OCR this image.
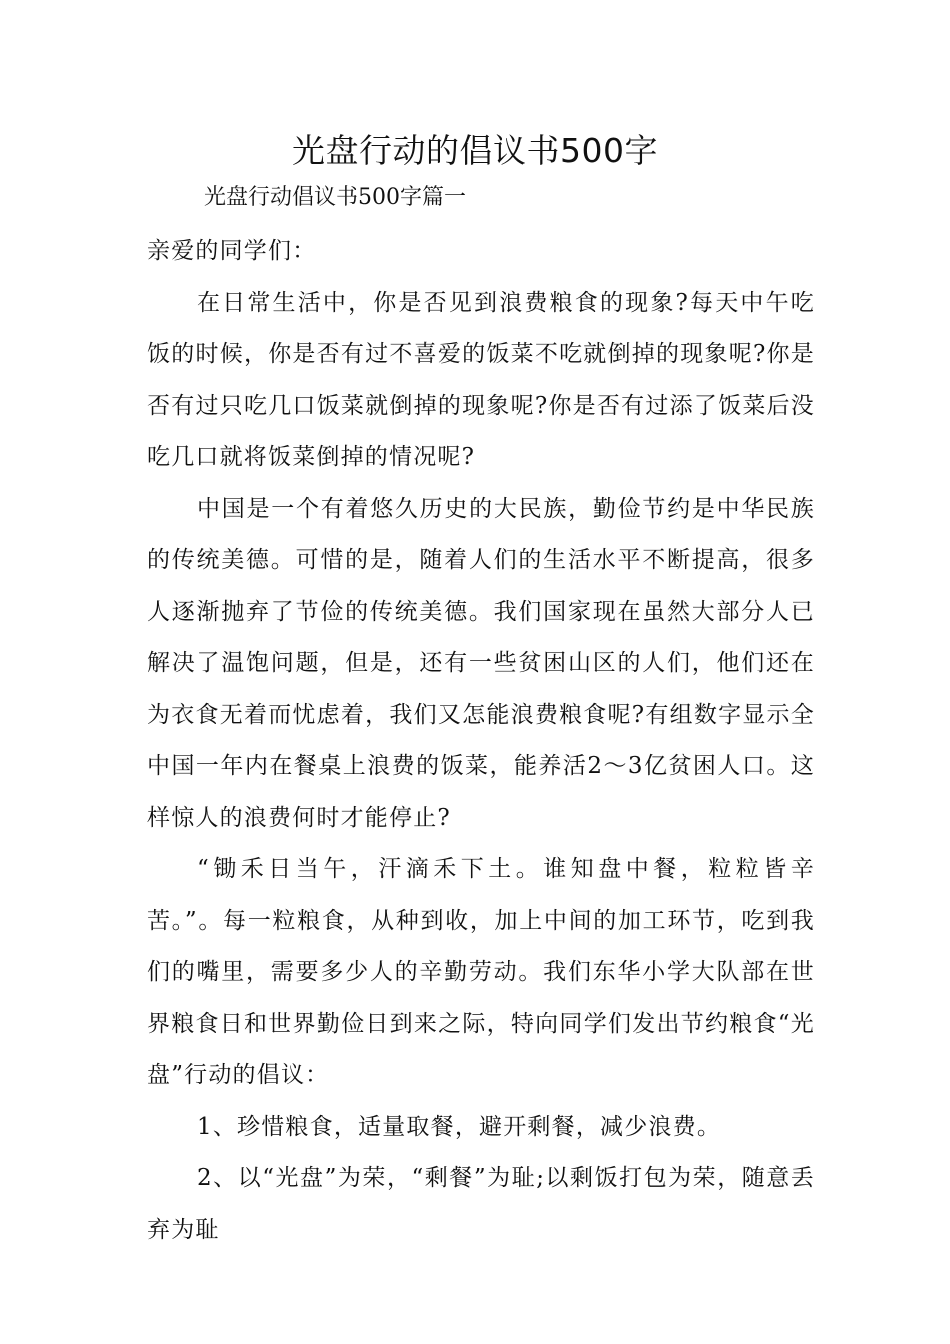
光盘行动的倡议书500字

光盘行动倡议书500字篇一

亲爱的同学们：

在日常生活中，你是否见到浪费粮食的现象?每天中午吃饭的时候，你是否有过不喜爱的饭菜不吃就倒掉的现象呢?你是否有过只吃几口饭菜就倒掉的现象呢?你是否有过添了饭菜后没吃几口就将饭菜倒掉的情况呢?

中国是一个有着悠久历史的大民族，勤俭节约是中华民族的传统美德。可惜的是，随着人们的生活水平不断提高，很多人逐渐抛弃了节俭的传统美德。我们国家现在虽然大部分人已解决了温饱问题，但是，还有一些贫困山区的人们，他们还在为衣食无着而忧虑着，我们又怎能浪费粮食呢?有组数字显示全中国一年内在餐桌上浪费的饭菜，能养活2～3亿贫困人口。这样惊人的浪费何时才能停止?

“锄禾日当午，汗滴禾下土。谁知盘中餐，粒粒皆辛苦。”。每一粒粮食，从种到收，加上中间的加工环节，吃到我们的嘴里，需要多少人的辛勤劳动。我们东华小学大队部在世界粮食日和世界勤俭日到来之际，特向同学们发出节约粮食“光盘”行动的倡议：

1、珍惜粮食，适量取餐，避开剩餐，减少浪费。

2、以“光盘”为荣，“剩餐”为耻;以剩饭打包为荣，随意丢弃为耻
